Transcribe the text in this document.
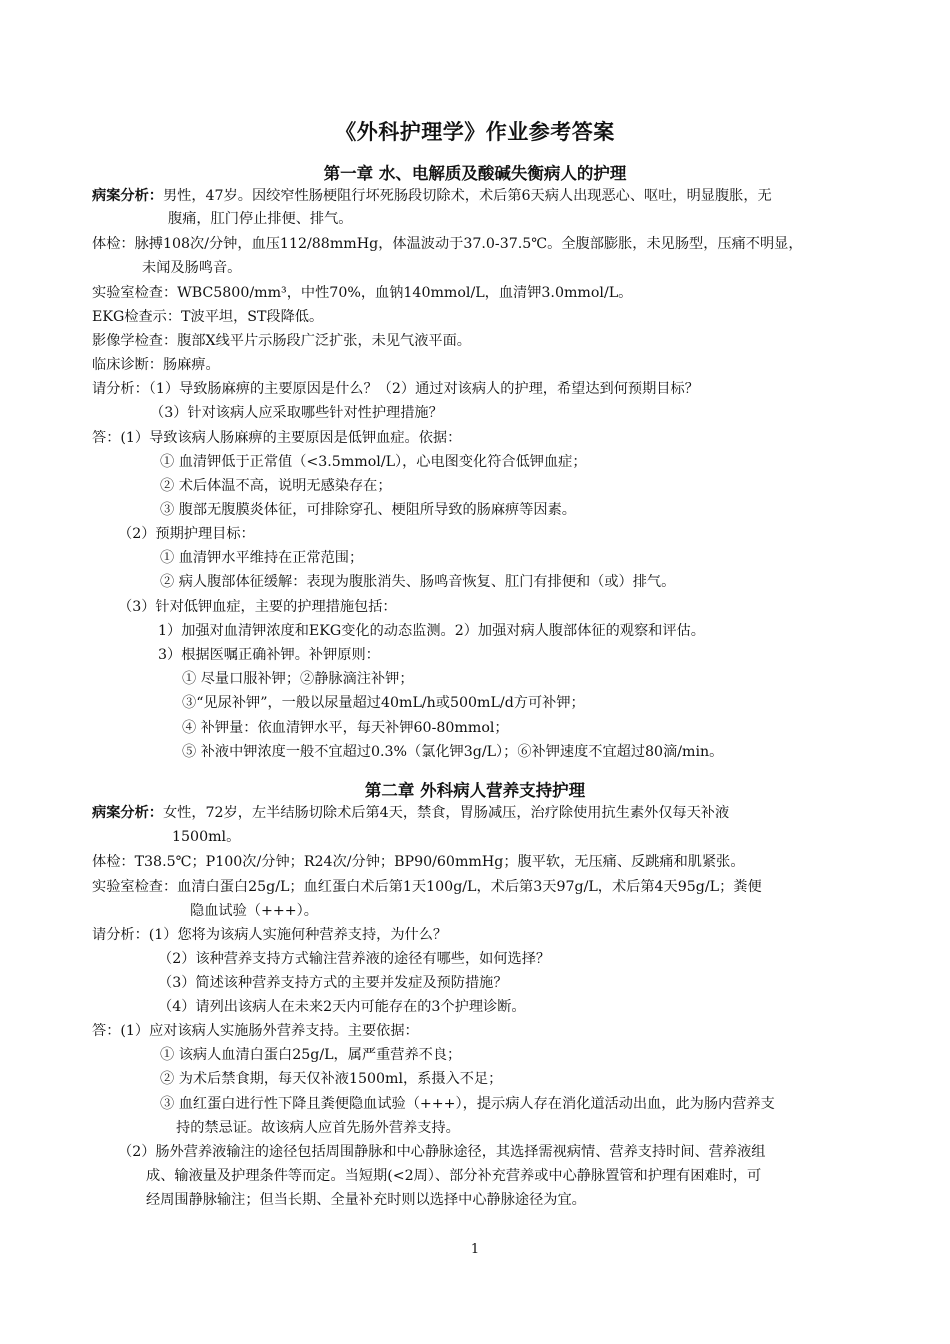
《外科护理学》作业参考答案
第一章 水、电解质及酸碱失衡病人的护理
病案分析：男性，47岁。因绞窄性肠梗阻行坏死肠段切除术，术后第6天病人出现恶心、呕吐，明显腹胀，无
腹痛，肛门停止排便、排气。
体检：脉搏108次/分钟，血压112/88mmHg，体温波动于37.0-37.5℃。全腹部膨胀，未见肠型，压痛不明显，
未闻及肠鸣音。
实验室检查：WBC5800/mm³，中性70%，血钠140mmol/L，血清钾3.0mmol/L。
EKG检查示：T波平坦，ST段降低。
影像学检查：腹部X线平片示肠段广泛扩张，未见气液平面。
临床诊断：肠麻痹。
请分析：（1）导致肠麻痹的主要原因是什么？（2）通过对该病人的护理，希望达到何预期目标？
（3）针对该病人应采取哪些针对性护理措施？
答：(1）导致该病人肠麻痹的主要原因是低钾血症。依据：
① 血清钾低于正常值（<3.5mmol/L），心电图变化符合低钾血症；
② 术后体温不高，说明无感染存在；
③ 腹部无腹膜炎体征，可排除穿孔、梗阻所导致的肠麻痹等因素。
（2）预期护理目标：
① 血清钾水平维持在正常范围；
② 病人腹部体征缓解：表现为腹胀消失、肠鸣音恢复、肛门有排便和（或）排气。
（3）针对低钾血症，主要的护理措施包括：
1）加强对血清钾浓度和EKG变化的动态监测。2）加强对病人腹部体征的观察和评估。
3）根据医嘱正确补钾。补钾原则：
① 尽量口服补钾；②静脉滴注补钾；
③“见尿补钾”，一般以尿量超过40mL/h或500mL/d方可补钾；
④ 补钾量：依血清钾水平，每天补钾60-80mmol；
⑤ 补液中钾浓度一般不宜超过0.3%（氯化钾3g/L）；⑥补钾速度不宜超过80滴/min。
第二章 外科病人营养支持护理
病案分析：女性，72岁，左半结肠切除术后第4天，禁食，胃肠减压，治疗除使用抗生素外仅每天补液
1500ml。
体检：T38.5℃；P100次/分钟；R24次/分钟；BP90/60mmHg；腹平软，无压痛、反跳痛和肌紧张。
实验室检查：血清白蛋白25g/L；血红蛋白术后第1天100g/L，术后第3天97g/L，术后第4天95g/L；粪便
隐血试验（+++）。
请分析：(1）您将为该病人实施何种营养支持，为什么？
（2）该种营养支持方式输注营养液的途径有哪些，如何选择？
（3）简述该种营养支持方式的主要并发症及预防措施？
（4）请列出该病人在未来2天内可能存在的3个护理诊断。
答：(1）应对该病人实施肠外营养支持。主要依据：
① 该病人血清白蛋白25g/L，属严重营养不良；
② 为术后禁食期，每天仅补液1500ml，系摄入不足；
③ 血红蛋白进行性下降且粪便隐血试验（+++），提示病人存在消化道活动出血，此为肠内营养支
持的禁忌证。故该病人应首先肠外营养支持。
（2）肠外营养液输注的途径包括周围静脉和中心静脉途径，其选择需视病情、营养支持时间、营养液组
成、输液量及护理条件等而定。当短期(<2周）、部分补充营养或中心静脉置管和护理有困难时，可
经周围静脉输注；但当长期、全量补充时则以选择中心静脉途径为宜。
1
